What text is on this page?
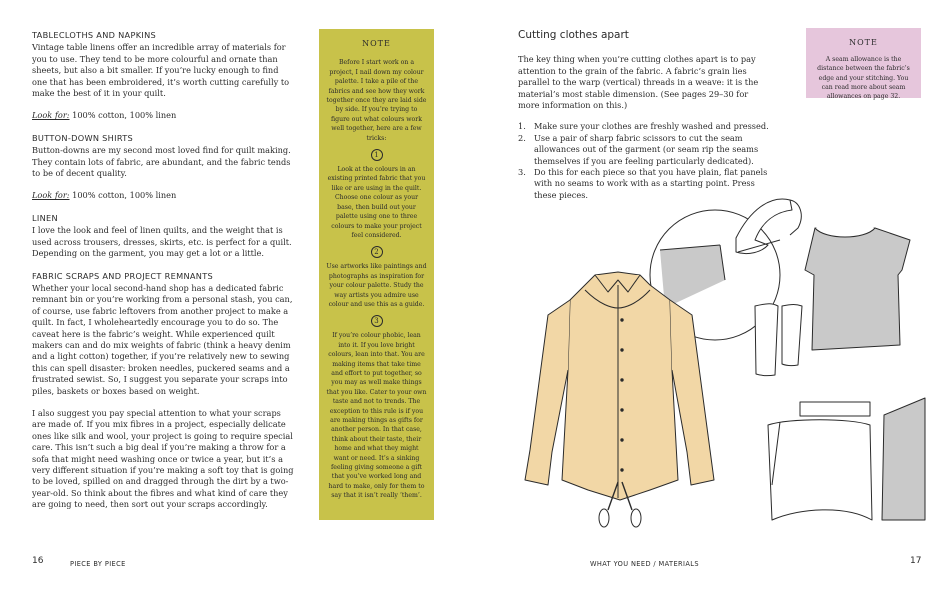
TABLECLOTHS AND NAPKINS

Vintage table linens offer an incredible array of materials for you to use. They tend to be more colourful and ornate than sheets, but also a bit smaller. If you’re lucky enough to find one that has been embroidered, it’s worth cutting carefully to make the best of it in your quilt.

Look for: 100% cotton, 100% linen

BUTTON-DOWN SHIRTS

Button-downs are my second most loved find for quilt making. They contain lots of fabric, are abundant, and the fabric tends to be of decent quality.

Look for: 100% cotton, 100% linen

LINEN

I love the look and feel of linen quilts, and the weight that is used across trousers, dresses, skirts, etc. is perfect for a quilt. Depending on the garment, you may get a lot or a little.

FABRIC SCRAPS AND PROJECT REMNANTS

Whether your local second-hand shop has a dedicated fabric remnant bin or you’re working from a personal stash, you can, of course, use fabric leftovers from another project to make a quilt. In fact, I wholeheartedly encourage you to do so. The caveat here is the fabric’s weight. While experienced quilt makers can and do mix weights of fabric (think a heavy denim and a light cotton) together, if you’re relatively new to sewing this can spell disaster: broken needles, puckered seams and a frustrated sewist. So, I suggest you separate your scraps into piles, baskets or boxes based on weight.

I also suggest you pay special attention to what your scraps are made of. If you mix fibres in a project, especially delicate ones like silk and wool, your project is going to require special care. This isn’t such a big deal if you’re making a throw for a sofa that might need washing once or twice a year, but it’s a very different situation if you’re making a soft toy that is going to be loved, spilled on and dragged through the dirt by a two-year-old. So think about the fibres and what kind of care they are going to need, then sort out your scraps accordingly.

NOTE

Before I start work on a project, I nail down my colour palette. I take a pile of the fabrics and see how they work together once they are laid side by side. If you’re trying to figure out what colours work well together, here are a few tricks:

1

Look at the colours in an existing printed fabric that you like or are using in the quilt. Choose one colour as your base, then build out your palette using one to three colours to make your project feel considered.

2

Use artworks like paintings and photographs as inspiration for your colour palette. Study the way artists you admire use colour and use this as a guide.

3

If you’re colour phobic, lean into it. If you love bright colours, lean into that. You are making items that take time and effort to put together, so you may as well make things that you like. Cater to your own taste and not to trends. The exception to this rule is if you are making things as gifts for another person. In that case, think about their taste, their home and what they might want or need. It’s a sinking feeling giving someone a gift that you’ve worked long and hard to make, only for them to say that it isn’t really ‘them’.

16	PIECE BY PIECE
Cutting clothes apart

The key thing when you’re cutting clothes apart is to pay attention to the grain of the fabric. A fabric’s grain lies parallel to the warp (vertical) threads in a weave: it is the material’s most stable dimension. (See pages 29–30 for more information on this.)

1. Make sure your clothes are freshly washed and pressed.
2. Use a pair of sharp fabric scissors to cut the seam allowances out of the garment (or seam rip the seams themselves if you are feeling particularly dedicated).
3. Do this for each piece so that you have plain, flat panels with no seams to work with as a starting point. Press these pieces.
NOTE
A seam allowance is the distance between the fabric’s edge and your stitching. You can read more about seam allowances on page 32.
WHAT YOU NEED / MATERIALS	17
